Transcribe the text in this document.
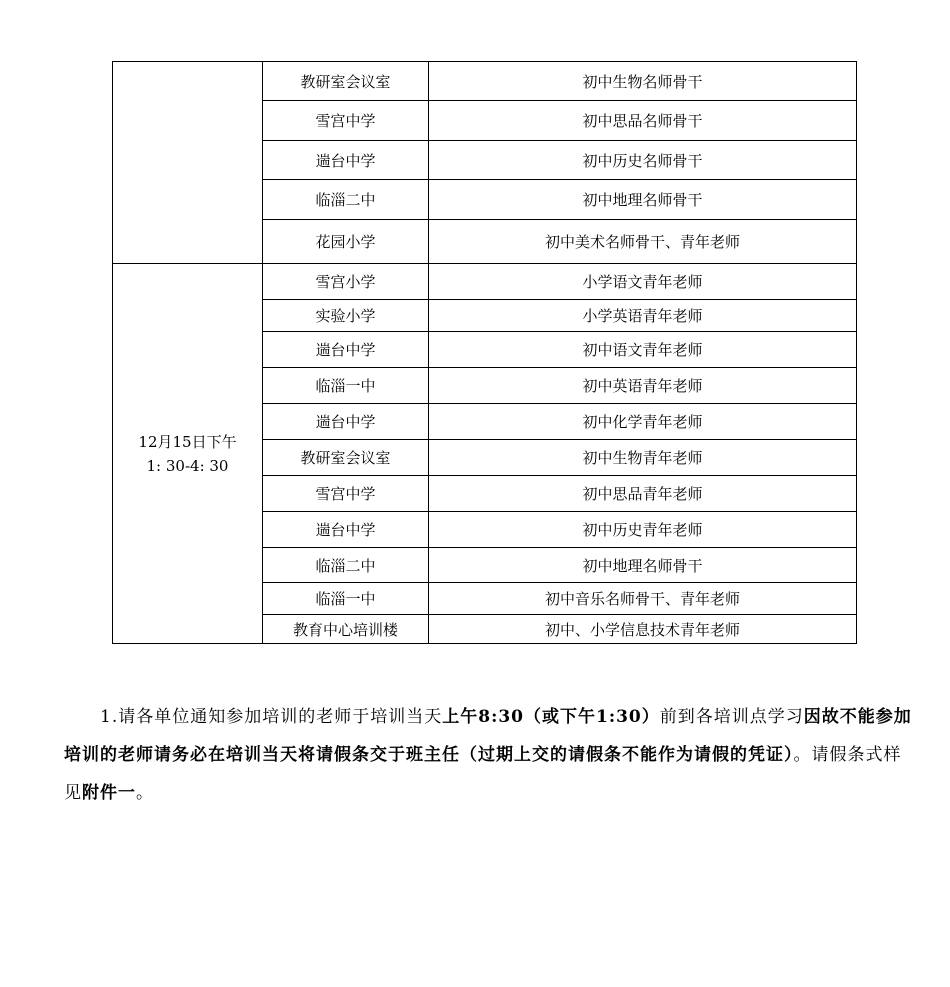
	教研室会议室	初中生物名师骨干
	雪宫中学	初中思品名师骨干
	遄台中学	初中历史名师骨干
	临淄二中	初中地理名师骨干
	花园小学	初中美术名师骨干、青年老师

12月15日下午
1: 30-4: 30	雪宫小学	小学语文青年老师
	实验小学	小学英语青年老师
	遄台中学	初中语文青年老师
	临淄一中	初中英语青年老师
	遄台中学	初中化学青年老师
	教研室会议室	初中生物青年老师
	雪宫中学	初中思品青年老师
	遄台中学	初中历史青年老师
	临淄二中	初中地理名师骨干
	临淄一中	初中音乐名师骨干、青年老师
	教育中心培训楼	初中、小学信息技术青年老师
1.请各单位通知参加培训的老师于培训当天上午8:30（或下午1:30）前到各培训点学习因故不能参加培训的老师请务必在培训当天将请假条交于班主任（过期上交的请假条不能作为请假的凭证）。请假条式样见附件一。
